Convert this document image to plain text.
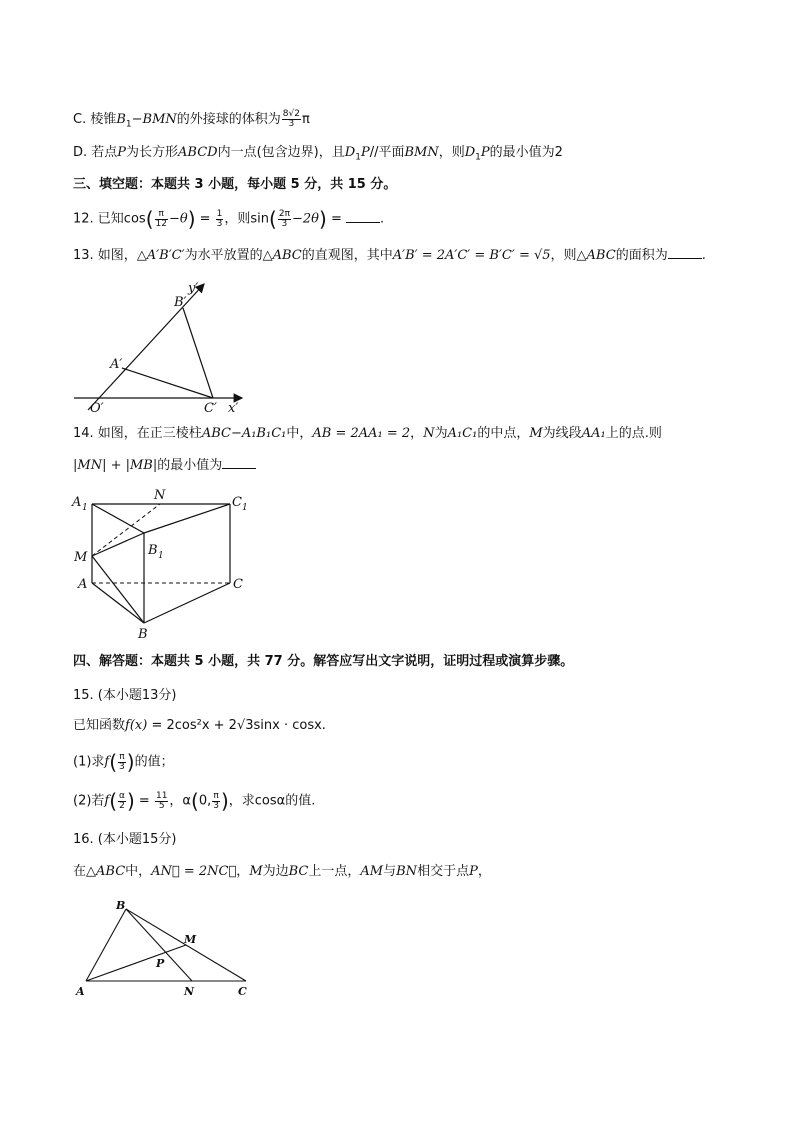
C. 棱锥$B_1-BMN$的外接球的体积为 $\frac{8√2}{3}$ π
D. 若点P为长方形ABCD内一点(包含边界)，且$D_1P//$平面BMN，则$D_1P$的最小值为2
三、填空题：本题共 3 小题，每小题 5 分，共 15 分。
12. 已知$\cos( \frac{\pi}{12} -\theta) = \frac{1}{3}$ ，则$\sin( \frac{2\pi}{3} -2\theta)$ =	.
13. 如图，△A′B′C′为水平放置的△ABC的直观图，其中A′B′ = 2A′C′ = B′C′ = √5，则△ABC的面积为	.
y′
x′
B′
A′
O′	C′
14. 如图，在正三棱柱ABC−A₁B₁C₁中，AB = 2AA₁ = 2，N为A₁C₁的中点，M为线段AA₁上的点.则
|MN| + |MB|的最小值为
A 1
N	C 1
B 1
M
A	C
B
四、解答题：本题共 5 小题，共 77 分。解答应写出文字说明，证明过程或演算步骤。
15. (本小题13分)
已知函数f(x) = 2cos²x + 2√3sinx · cosx.
(1)求$f( \frac{\pi}{3}$ )的值；
(2)若$f( \frac{\alpha}{2}$ ) = $\frac{11}{5}$ ，α(0, $\frac{\pi}{3}$ )，求cosα的值.
16. (本小题15分)
在△ABC中，AN⃗ = 2NC⃗，M为边BC上一点，AM与BN相交于点P，
B
M
P
A	N	C
